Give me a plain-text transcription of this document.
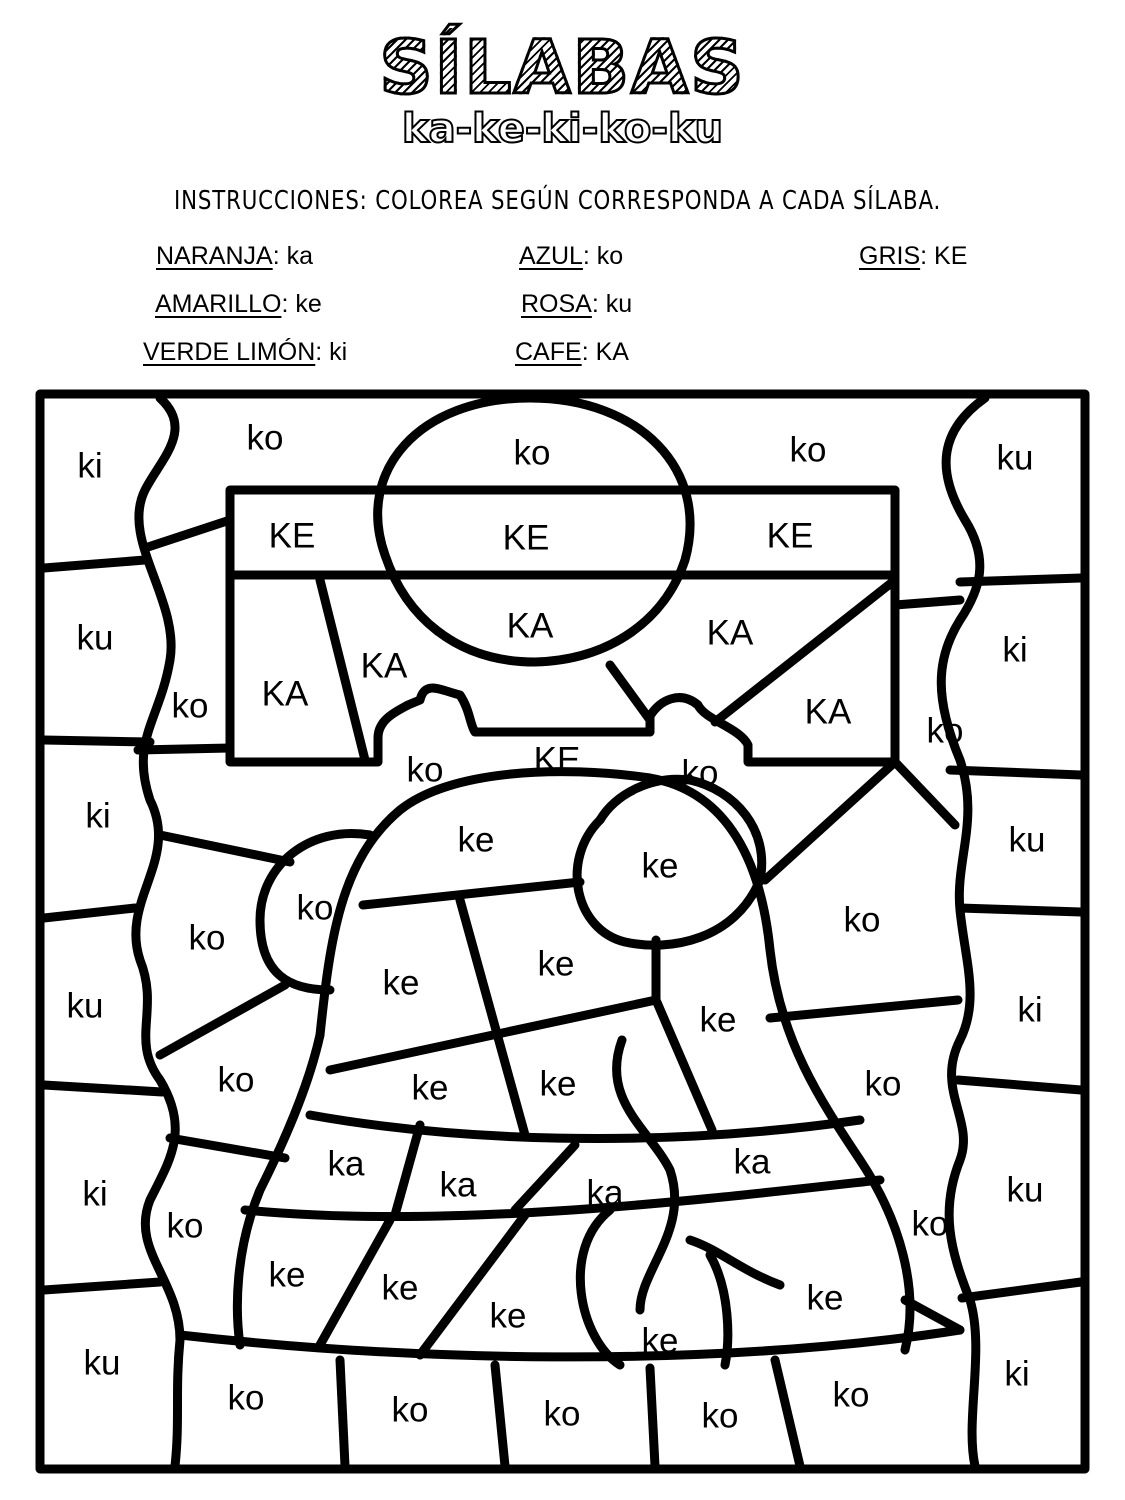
SÍLABAS
ka-ke-ki-ko-ku
INSTRUCCIONES: COLOREA SEGÚN CORRESPONDA A CADA SÍLABA.
NARANJA: ka	AZUL: ko	GRIS: KE
AMARILLO: ke	ROSA: ku
VERDE LIMÓN: ki	CAFE: KA
ki
ko	ko	ko	ku
KE	KE	KE
ku	KA	KA
KA
KA	KA
ki
ko
ko	KE	ko
ko
ki
ke
ke
ku
ko
ko	ko
ku
ke	ke
ke	ki
ko	ke	ke	ko
ki
ka
ka	ka
ka
ku
ko
ke ke
ke
ke
ke
ko
ku
ko	ko	ko	ko
ko
ki
